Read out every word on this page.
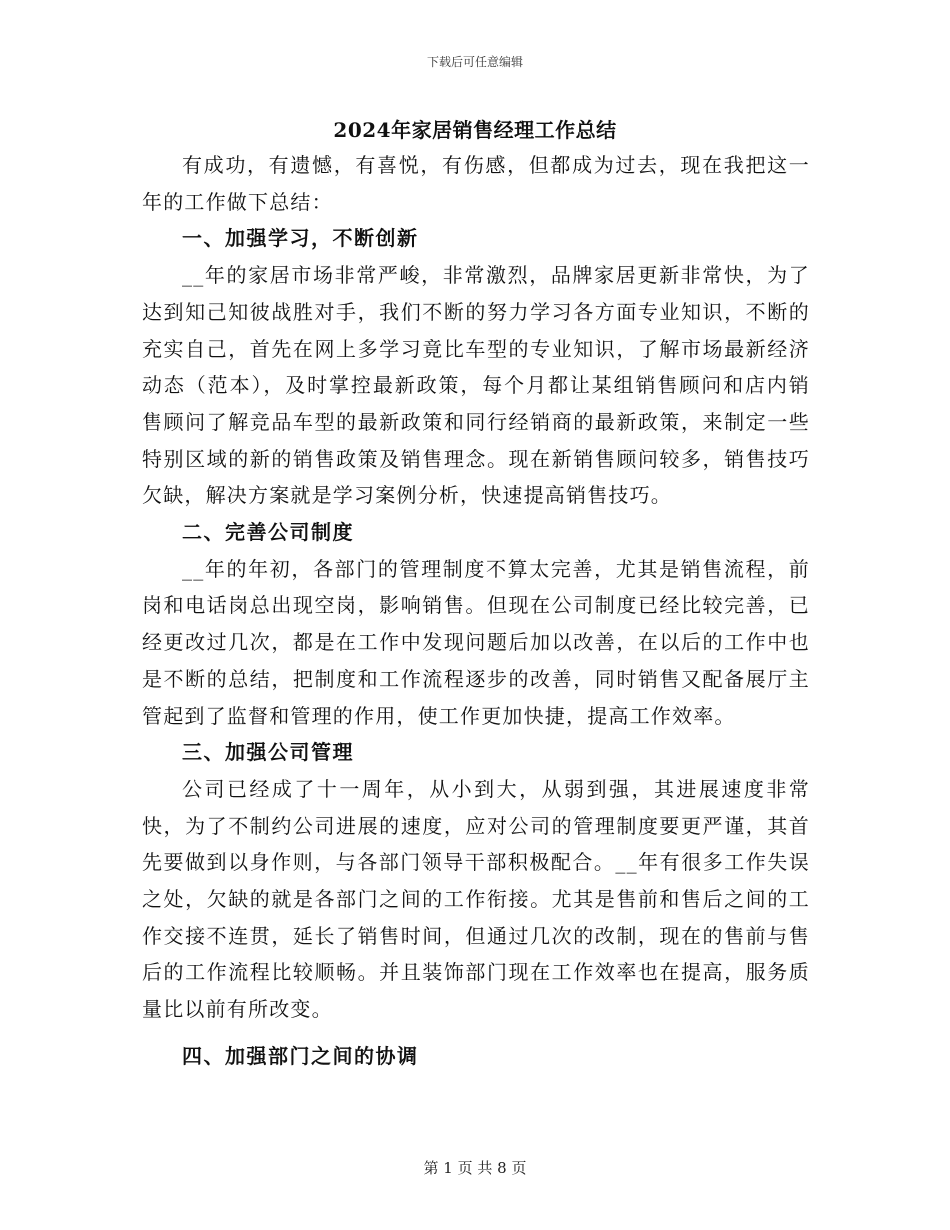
下载后可任意编辑
2024年家居销售经理工作总结

有成功，有遗憾，有喜悦，有伤感，但都成为过去，现在我把这一年的工作做下总结：

一、加强学习，不断创新

__年的家居市场非常严峻，非常激烈，品牌家居更新非常快，为了达到知己知彼战胜对手，我们不断的努力学习各方面专业知识，不断的充实自己，首先在网上多学习竟比车型的专业知识，了解市场最新经济动态（范本），及时掌控最新政策，每个月都让某组销售顾问和店内销售顾问了解竞品车型的最新政策和同行经销商的最新政策，来制定一些特别区域的新的销售政策及销售理念。现在新销售顾问较多，销售技巧欠缺，解决方案就是学习案例分析，快速提高销售技巧。

二、完善公司制度

__年的年初，各部门的管理制度不算太完善，尤其是销售流程，前岗和电话岗总出现空岗，影响销售。但现在公司制度已经比较完善，已经更改过几次，都是在工作中发现问题后加以改善，在以后的工作中也是不断的总结，把制度和工作流程逐步的改善，同时销售又配备展厅主管起到了监督和管理的作用，使工作更加快捷，提高工作效率。

三、加强公司管理

公司已经成了十一周年，从小到大，从弱到强，其进展速度非常快，为了不制约公司进展的速度，应对公司的管理制度要更严谨，其首先要做到以身作则，与各部门领导干部积极配合。__年有很多工作失误之处，欠缺的就是各部门之间的工作衔接。尤其是售前和售后之间的工作交接不连贯，延长了销售时间，但通过几次的改制，现在的售前与售后的工作流程比较顺畅。并且装饰部门现在工作效率也在提高，服务质量比以前有所改变。

四、加强部门之间的协调

第 1 页 共 8 页
